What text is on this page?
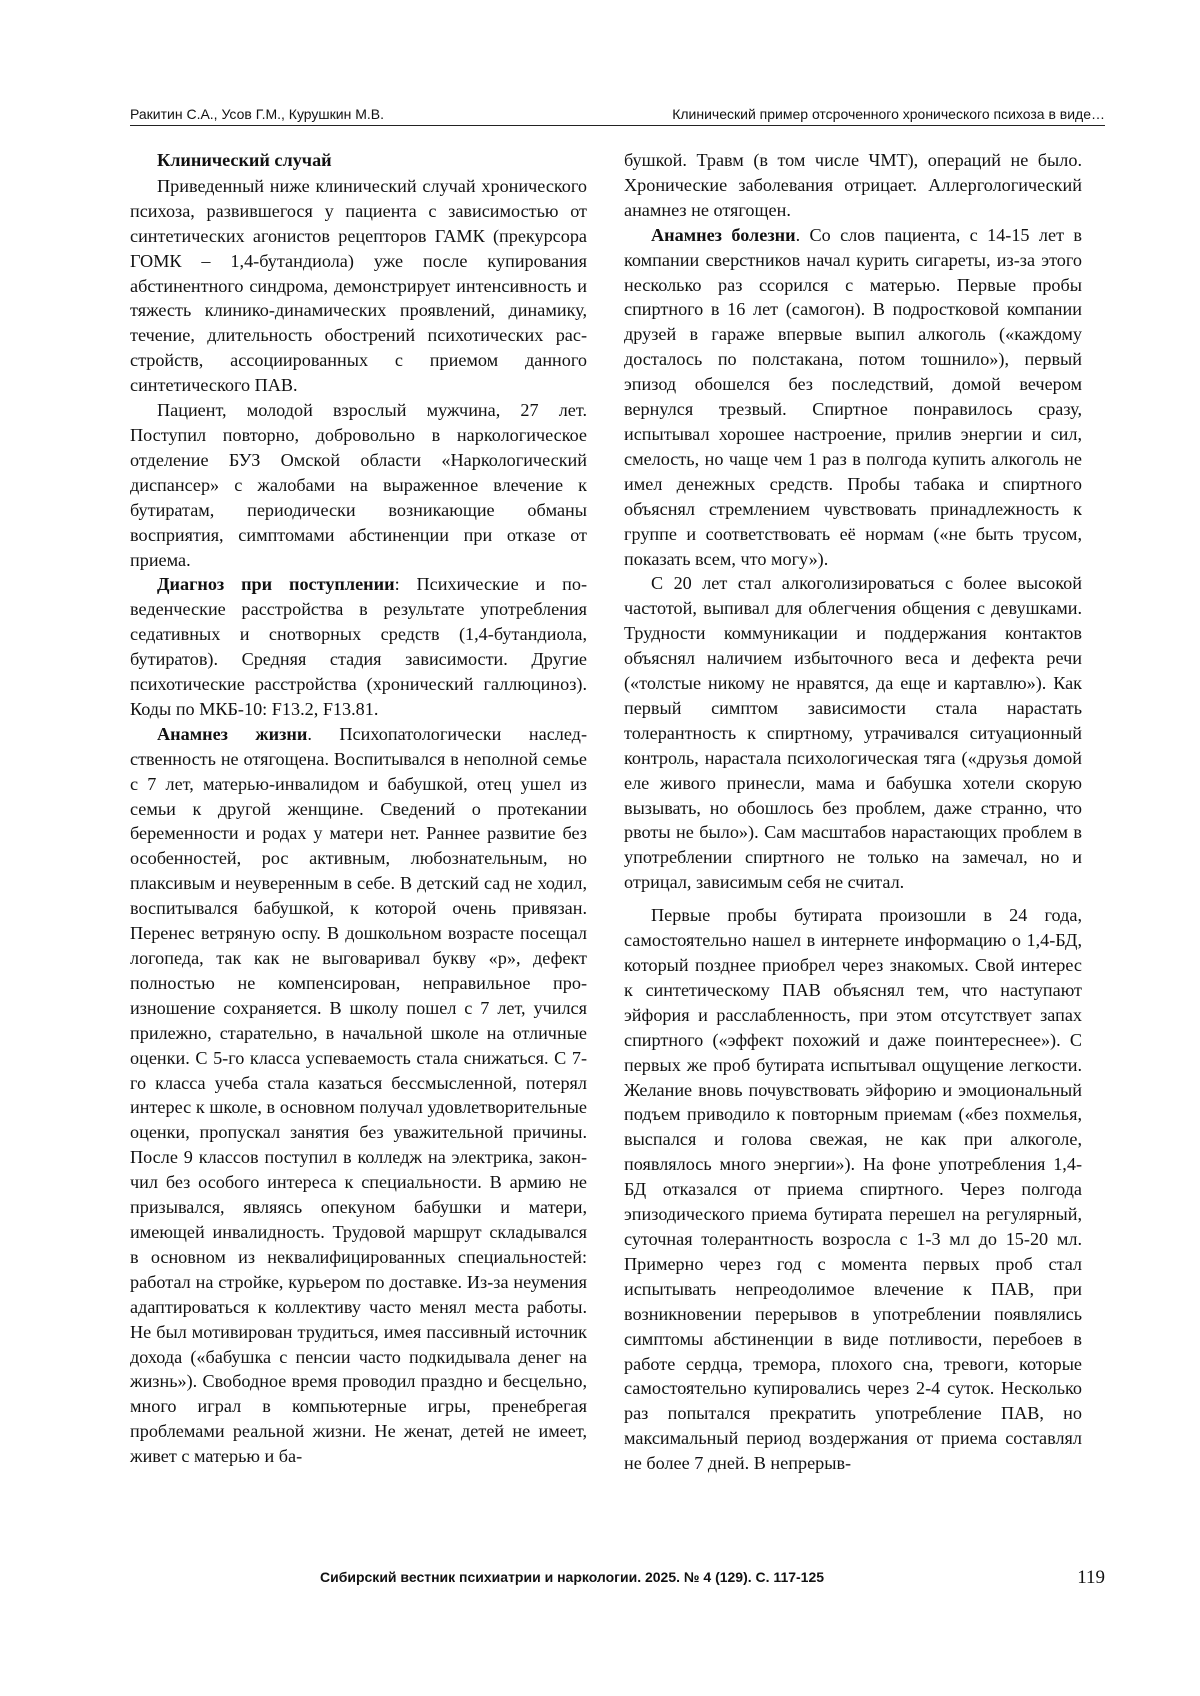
Ракитин С.А., Усов Г.М., Курушкин М.В.	Клинический пример отсроченного хронического психоза в виде…
Клинический случай

Приведенный ниже клинический случай хронического психоза, развившегося у пациента с зависимостью от синтетических агонистов рецепторов ГАМК (прекурсора ГОМК – 1,4-бутандиола) уже после купирования абстинентного синдрома, демонстрирует интенсивность и тяжесть клинико-динамических проявлений, динамику, течение, длительность обострений психотических расстройств, ассоциированных с приемом данного синтетического ПАВ.

Пациент, молодой взрослый мужчина, 27 лет. Поступил повторно, добровольно в наркологическое отделение БУЗ Омской области «Наркологический диспансер» с жалобами на выраженное влечение к бутиратам, периодически возникающие обманы восприятия, симптомами абстиненции при отказе от приема.

Диагноз при поступлении: Психические и поведенческие расстройства в результате употребления седативных и снотворных средств (1,4-бутандиола, бутиратов). Средняя стадия зависимости. Другие психотические расстройства (хронический галлюциноз). Коды по МКБ-10: F13.2, F13.81.

Анамнез жизни. Психопатологически наследственность не отягощена. Воспитывался в неполной семье с 7 лет, матерью-инвалидом и бабушкой, отец ушел из семьи к другой женщине. Сведений о протекании беременности и родах у матери нет. Раннее развитие без особенностей, рос активным, любознательным, но плаксивым и неуверенным в себе. В детский сад не ходил, воспитывался бабушкой, к которой очень привязан. Перенес ветряную оспу. В дошкольном возрасте посещал логопеда, так как не выговаривал букву «р», дефект полностью не компенсирован, неправильное произношение сохраняется. В школу пошел с 7 лет, учился прилежно, старательно, в начальной школе на отличные оценки. С 5-го класса успеваемость стала снижаться. С 7-го класса учеба стала казаться бессмысленной, потерял интерес к школе, в основном получал удовлетворительные оценки, пропускал занятия без уважительной причины. После 9 классов поступил в колледж на электрика, закончил без особого интереса к специальности. В армию не призывался, являясь опекуном бабушки и матери, имеющей инвалидность. Трудовой маршрут складывался в основном из неквалифицированных специальностей: работал на стройке, курьером по доставке. Из-за неумения адаптироваться к коллективу часто менял места работы. Не был мотивирован трудиться, имея пассивный источник дохода («бабушка с пенсии часто подкидывала денег на жизнь»). Свободное время проводил праздно и бесцельно, много играл в компьютерные игры, пренебрегая проблемами реальной жизни. Не женат, детей не имеет, живет с матерью и ба-

бушкой. Травм (в том числе ЧМТ), операций не было. Хронические заболевания отрицает. Аллергологический анамнез не отягощен.

Анамнез болезни. Со слов пациента, с 14-15 лет в компании сверстников начал курить сигареты, из-за этого несколько раз ссорился с матерью. Первые пробы спиртного в 16 лет (самогон). В подростковой компании друзей в гараже впервые выпил алкоголь («каждому досталось по полстакана, потом тошнило»), первый эпизод обошелся без последствий, домой вечером вернулся трезвый. Спиртное понравилось сразу, испытывал хорошее настроение, прилив энергии и сил, смелость, но чаще чем 1 раз в полгода купить алкоголь не имел денежных средств. Пробы табака и спиртного объяснял стремлением чувствовать принадлежность к группе и соответствовать её нормам («не быть трусом, показать всем, что могу»).

С 20 лет стал алкоголизироваться с более высокой частотой, выпивал для облегчения общения с девушками. Трудности коммуникации и поддержания контактов объяснял наличием избыточного веса и дефекта речи («толстые никому не нравятся, да еще и картавлю»). Как первый симптом зависимости стала нарастать толерантность к спиртному, утрачивался ситуационный контроль, нарастала психологическая тяга («друзья домой еле живого принесли, мама и бабушка хотели скорую вызывать, но обошлось без проблем, даже странно, что рвоты не было»). Сам масштабов нарастающих проблем в употреблении спиртного не только на замечал, но и отрицал, зависимым себя не считал.

Первые пробы бутирата произошли в 24 года, самостоятельно нашел в интернете информацию о 1,4-БД, который позднее приобрел через знакомых. Свой интерес к синтетическому ПАВ объяснял тем, что наступают эйфория и расслабленность, при этом отсутствует запах спиртного («эффект похожий и даже поинтереснее»). С первых же проб бутирата испытывал ощущение легкости. Желание вновь почувствовать эйфорию и эмоциональный подъем приводило к повторным приемам («без похмелья, выспался и голова свежая, не как при алкоголе, появлялось много энергии»). На фоне употребления 1,4-БД отказался от приема спиртного. Через полгода эпизодического приема бутирата перешел на регулярный, суточная толерантность возросла с 1-3 мл до 15-20 мл. Примерно через год с момента первых проб стал испытывать непреодолимое влечение к ПАВ, при возникновении перерывов в употреблении появлялись симптомы абстиненции в виде потливости, перебоев в работе сердца, тремора, плохого сна, тревоги, которые самостоятельно купировались через 2-4 суток. Несколько раз попытался прекратить употребление ПАВ, но максимальный период воздержания от приема составлял не более 7 дней. В непрерыв-

Сибирский вестник психиатрии и наркологии. 2025. № 4 (129). С. 117-125	119
